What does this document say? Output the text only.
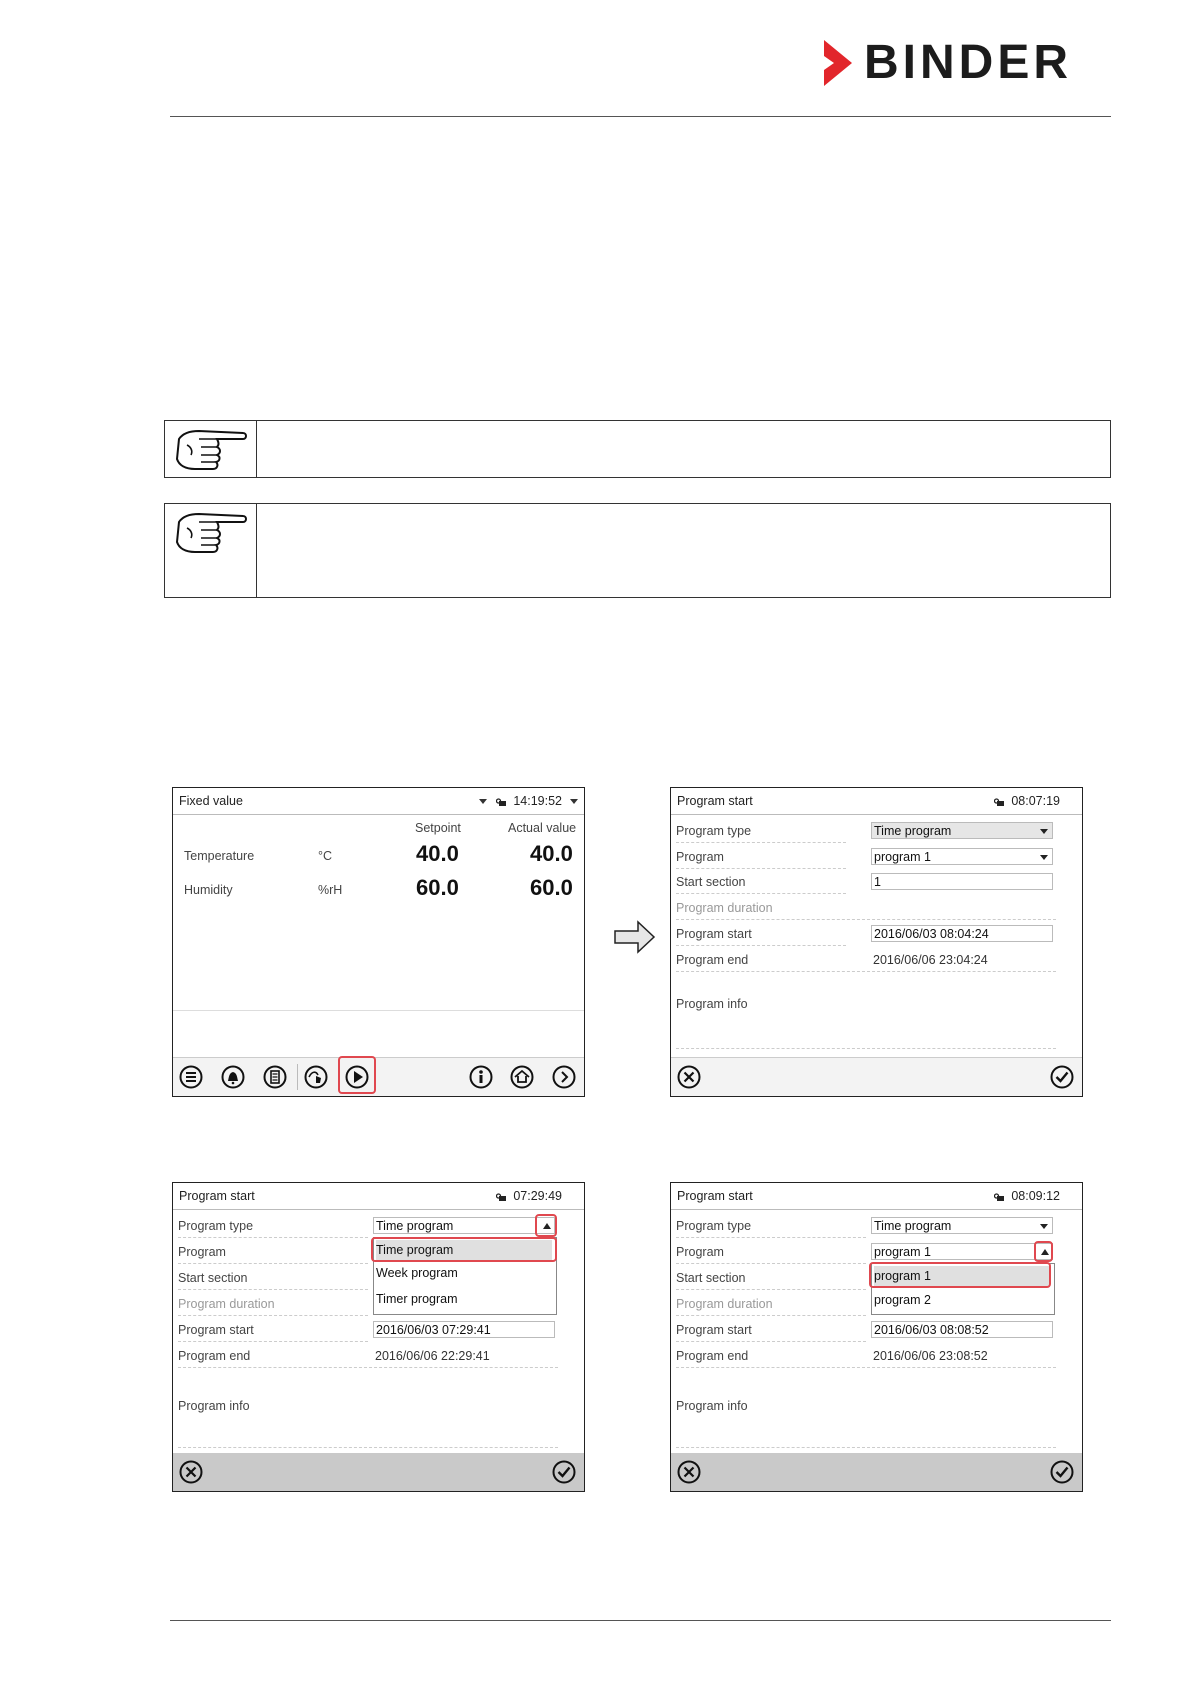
BINDER
Fixed value	14:19:52
Setpoint	Actual value
Temperature	°C	40.0	40.0
Humidity	%rH	60.0	60.0
Program start	08:07:19
Program type	Time program
Program	program 1
Start section	1
Program duration
Program start	2016/06/03 08:04:24
Program end	2016/06/06 23:04:24
Program info
Program start	07:29:49
Program type	Time program
Program
Start section
Program duration
Time program
Week program
Timer program
Program start	2016/06/03 07:29:41
Program end	2016/06/06 22:29:41
Program info
Program start	08:09:12
Program type	Time program
Program	program 1
Start section
Program duration
program 1
program 2
Program start	2016/06/03 08:08:52
Program end	2016/06/06 23:08:52
Program info
